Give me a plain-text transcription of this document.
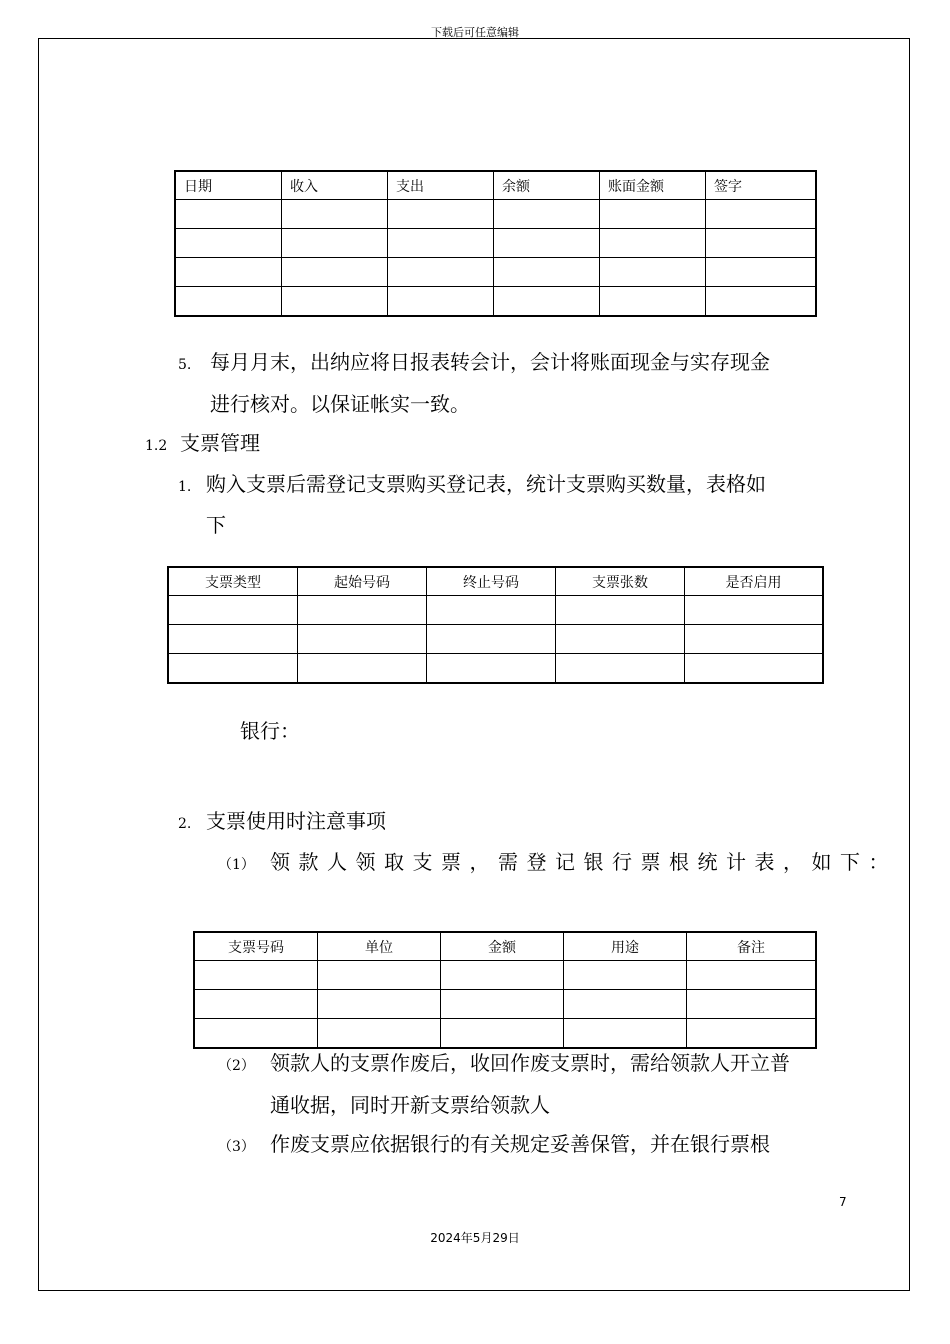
下载后可任意编辑
日期	收入	支出	余额	账面金额	签字

5. 每月月末，出纳应将日报表转会计，会计将账面现金与实存现金
进行核对。以保证帐实一致。
1.2 支票管理
1. 购入支票后需登记支票购买登记表，统计支票购买数量，表格如
下
支票类型	起始号码	终止号码	支票张数	是否启用

银行：
2. 支票使用时注意事项
（1） 领款人领取支票，需登记银行票根统计表，如下：
支票号码	单位	金额	用途	备注

（2） 领款人的支票作废后，收回作废支票时，需给领款人开立普
通收据，同时开新支票给领款人
（3） 作废支票应依据银行的有关规定妥善保管，并在银行票根
7
2024年5月29日
